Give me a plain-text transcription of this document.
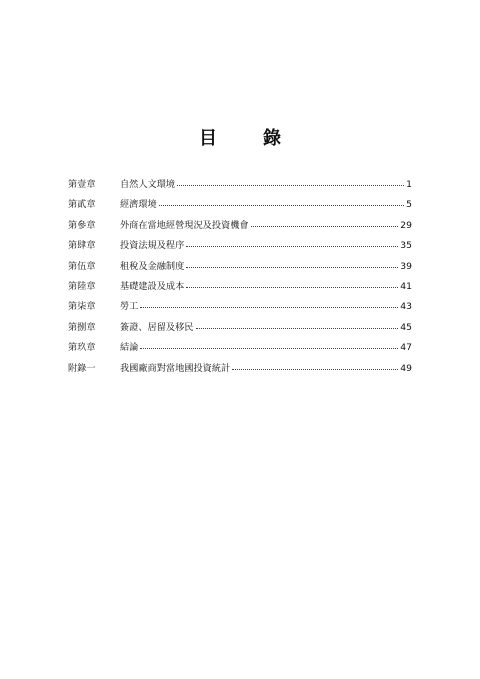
目　錄
第壹章	自然人文環境	1
第貳章	經濟環境	5
第參章	外商在當地經營現況及投資機會	29
第肆章	投資法規及程序	35
第伍章	租稅及金融制度	39
第陸章	基礎建設及成本	41
第柒章	勞工	43
第捌章	簽證、居留及移民	45
第玖章	結論	47
附錄一	我國廠商對當地國投資統計	49
